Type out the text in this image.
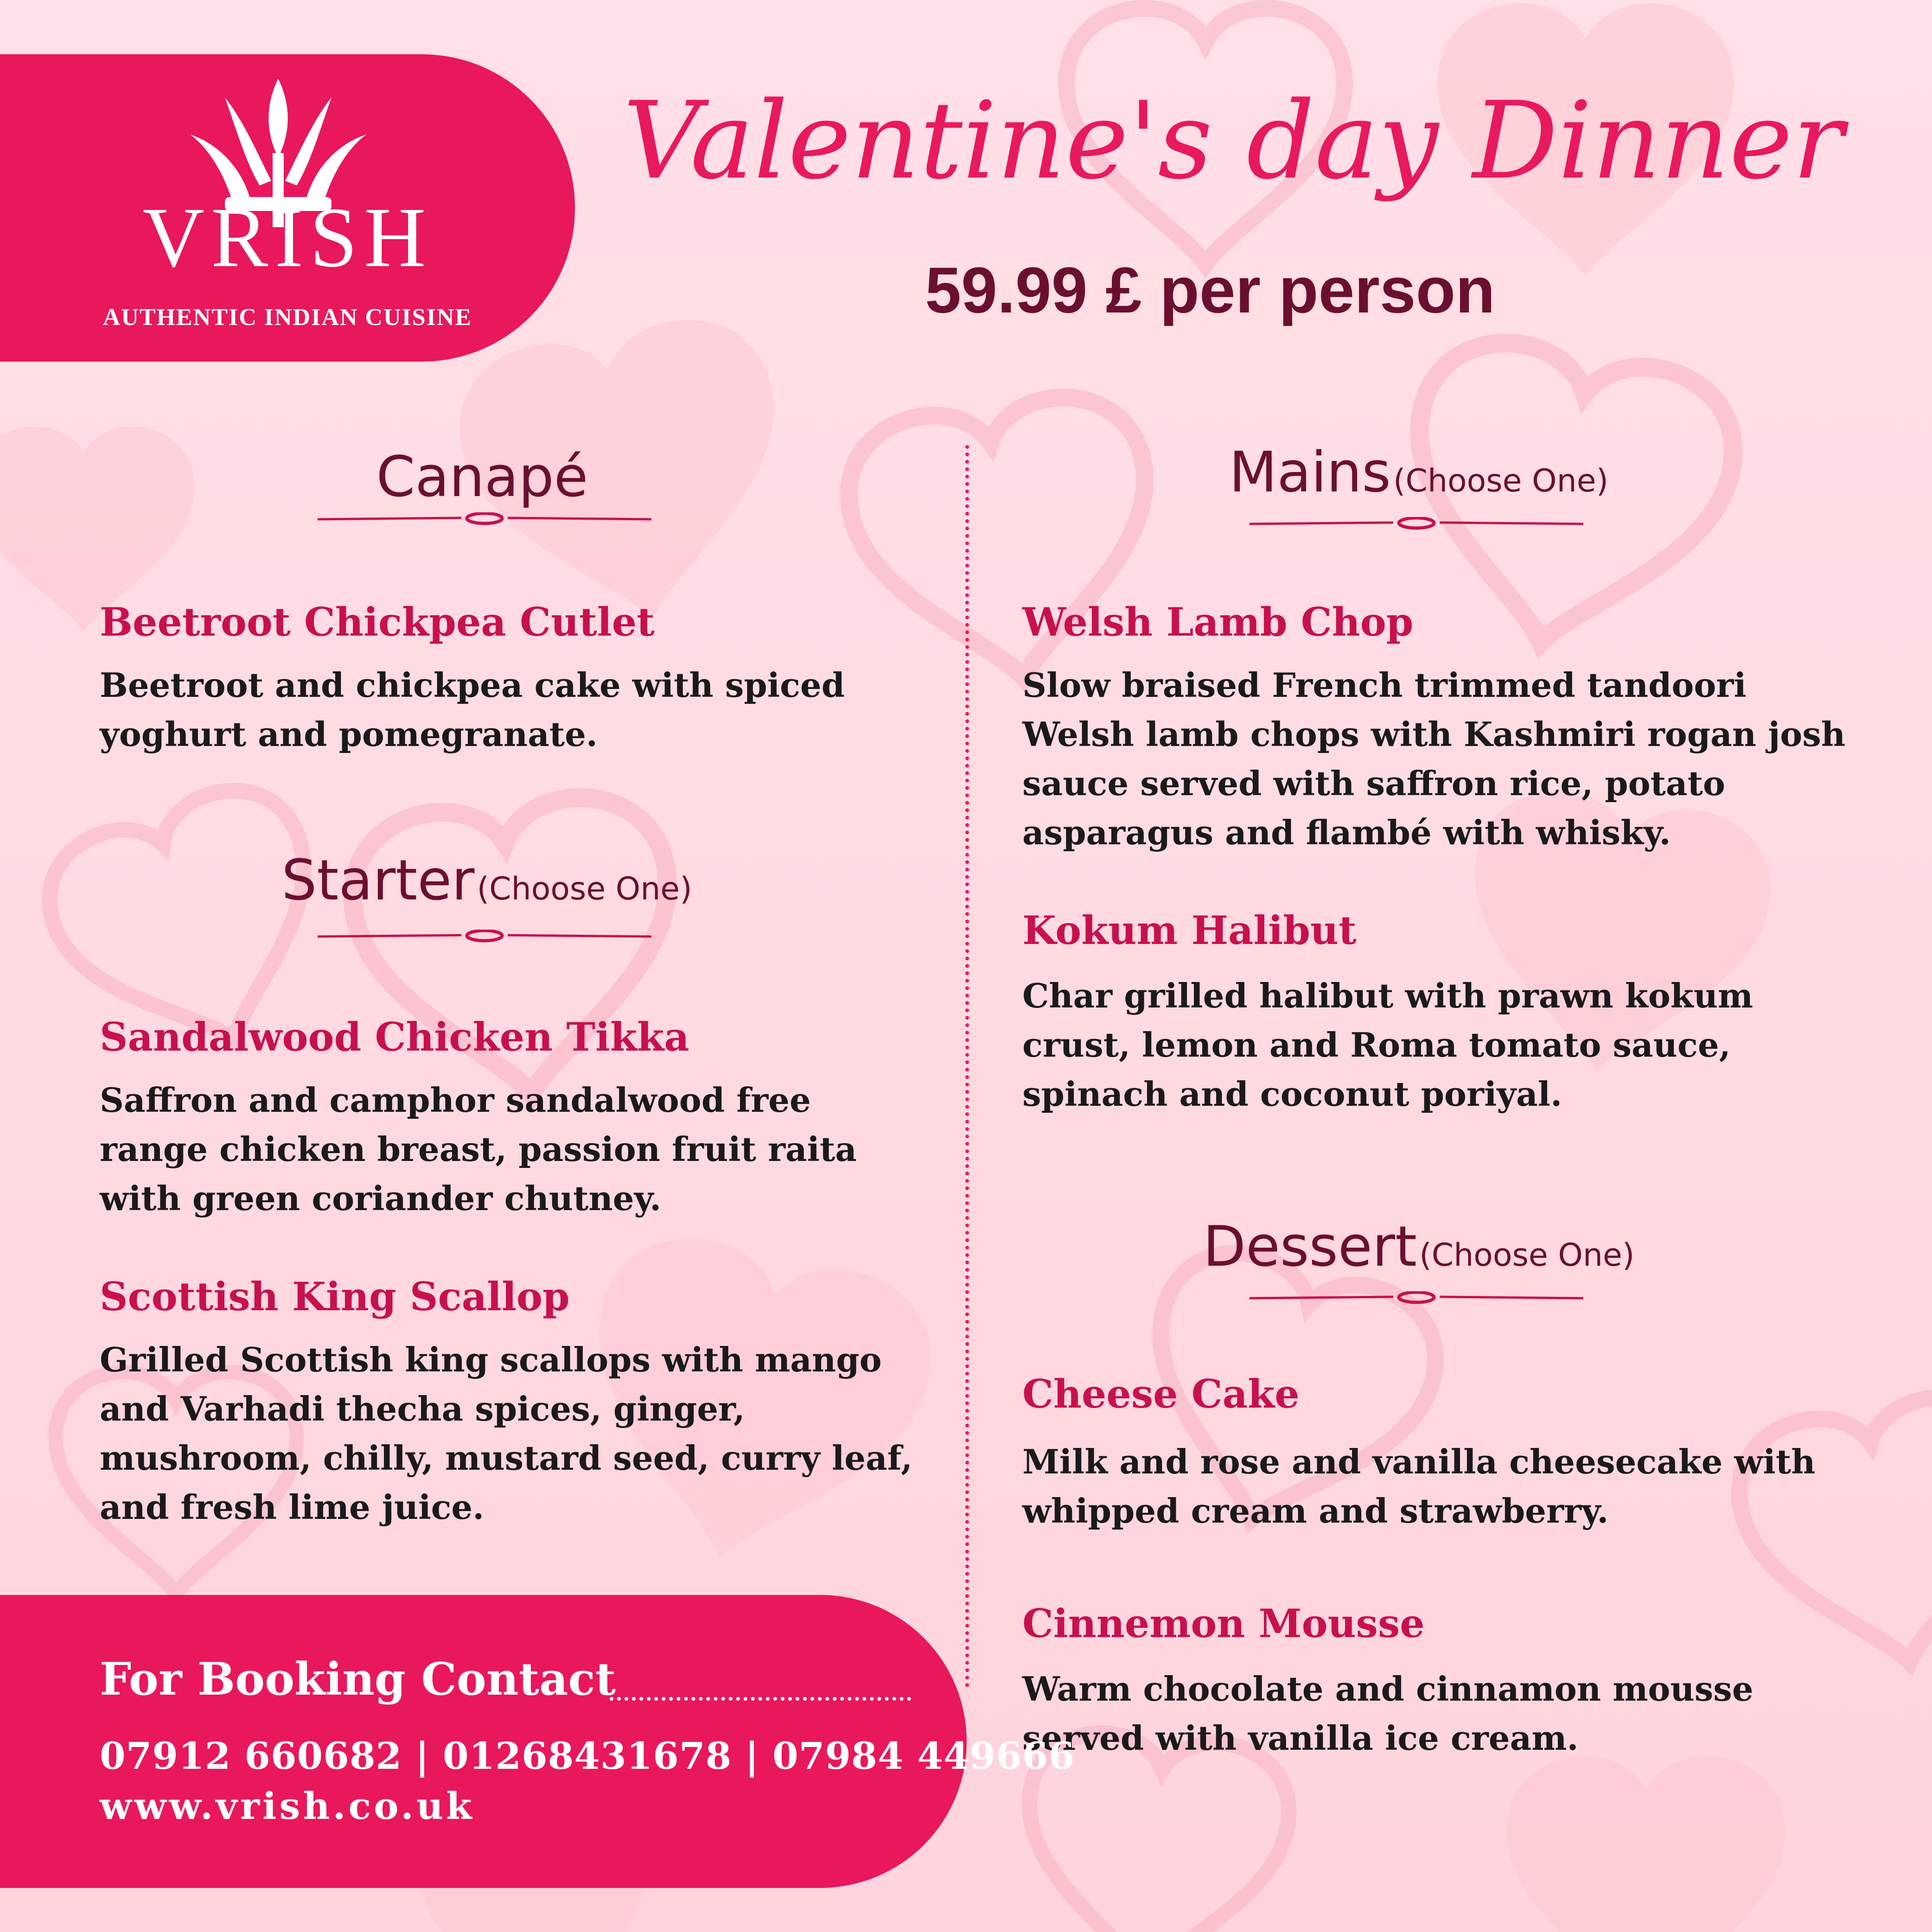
VRISH
AUTHENTIC INDIAN CUISINE
Valentine's day Dinner
59.99 £ per person
Canapé
Beetroot Chickpea Cutlet
Beetroot and chickpea cake with spiced yoghurt and pomegranate.
Starter (Choose One)
Sandalwood Chicken Tikka
Saffron and camphor sandalwood free range chicken breast, passion fruit raita with green coriander chutney.
Scottish King Scallop
Grilled Scottish king scallops with mango and Varhadi thecha spices, ginger, mushroom, chilly, mustard seed, curry leaf, and fresh lime juice.
Mains (Choose One)
Welsh Lamb Chop
Slow braised French trimmed tandoori Welsh lamb chops with Kashmiri rogan josh sauce served with saffron rice, potato asparagus and flambé with whisky.
Kokum Halibut
Char grilled halibut with prawn kokum crust, lemon and Roma tomato sauce, spinach and coconut poriyal.
Dessert (Choose One)
Cheese Cake
Milk and rose and vanilla cheesecake with whipped cream and strawberry.
Cinnemon Mousse
Warm chocolate and cinnamon mousse served with vanilla ice cream.
For Booking Contact
07912 660682 | 01268431678 | 07984 449666
www.vrish.co.uk
